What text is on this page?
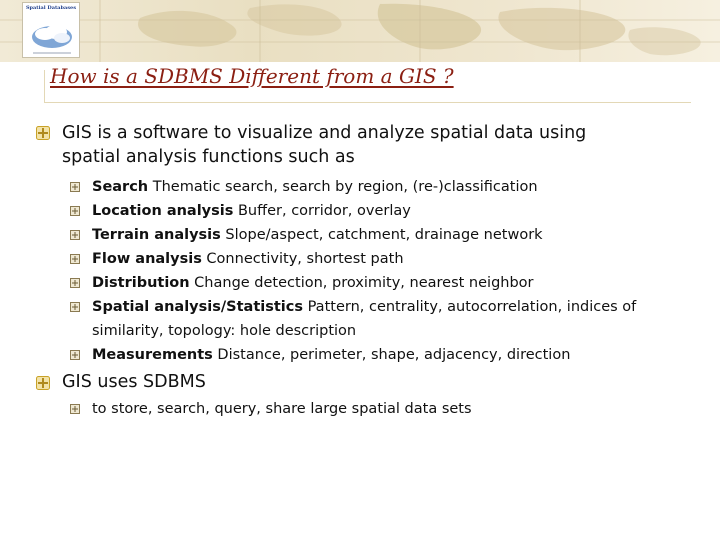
Spatial Databases
How is a SDBMS Different from a GIS ?
GIS is a software to visualize and analyze spatial data using
spatial analysis functions such as
Search Thematic search, search by region, (re-)classification
Location analysis Buffer, corridor, overlay
Terrain analysis Slope/aspect, catchment, drainage network
Flow analysis Connectivity, shortest path
Distribution Change detection, proximity, nearest neighbor
Spatial analysis/Statistics Pattern, centrality, autocorrelation, indices of
similarity, topology: hole description
Measurements Distance, perimeter, shape, adjacency, direction
GIS uses SDBMS
to store, search, query, share large spatial data sets
